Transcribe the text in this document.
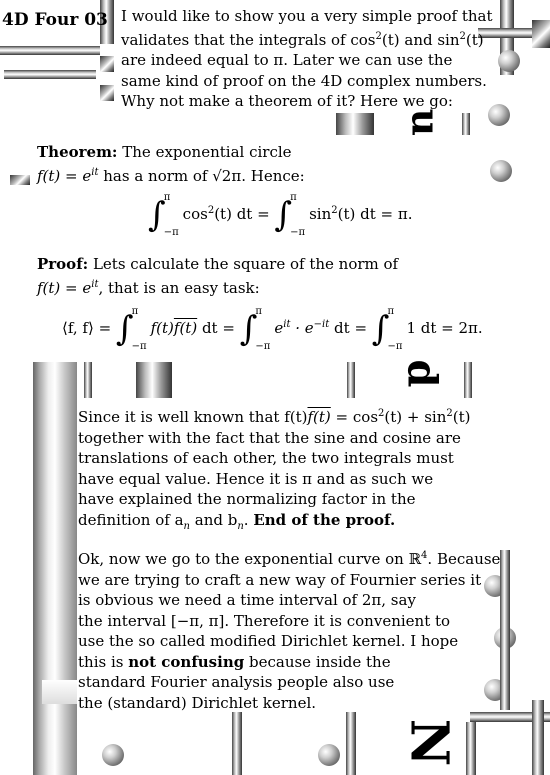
u
d
N
4D Four 03 I would like to show you a very simple proof that
validates that the integrals of $\cos^2(t)$ and $\sin^2(t)$
are indeed equal to π. Later we can use the
same kind of proof on the 4D complex numbers.
Why not make a theorem of it? Here we go:
Theorem: The exponential circle
$f(t) = e^{it}$ has a norm of √2π. Hence:
∫
π
−π
$\cos^2(t)$ dt = ∫
π
−π
$\sin^2(t)$ dt = π.
Proof: Lets calculate the square of the norm of
$f(t) = e^{it}$, that is an easy task:
⟨f, f⟩ = ∫
π
−π
f(t)f(t) dt = ∫
π
−π
$e^{it} \cdot e^{-it}$ dt = ∫
π
−π
1 dt = 2π.
Since it is well known that $f(t)f(t) = \cos^2(t) + \sin^2(t)$
together with the fact that the sine and cosine are
translations of each other, the two integrals must
have equal value. Hence it is π and as such we
have explained the normalizing factor in the
definition of $a_n$ and $b_n$. End of the proof.
Ok, now we go to the exponential curve on ℝ$^4$. Because
we are trying to craft a new way of Fournier series it
is obvious we need a time interval of 2π, say
the interval [−π, π]. Therefore it is convenient to
use the so called modified Dirichlet kernel. I hope
this is not confusing because inside the
standard Fourier analysis people also use
the (standard) Dirichlet kernel.
